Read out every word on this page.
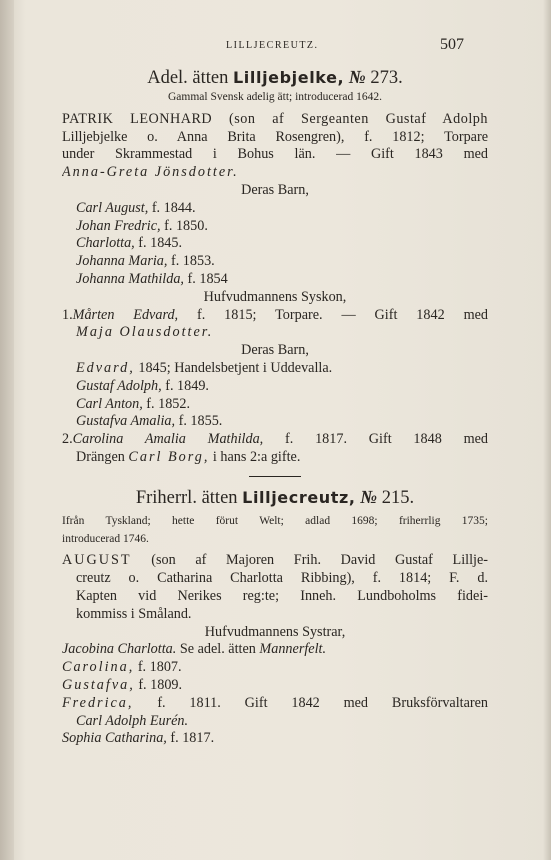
LILLJECREUTZ.	507
Adel. ätten Lilljebjelke, № 273.
Gammal Svensk adelig ätt; introducerad 1642.
PATRIK LEONHARD (son af Sergeanten Gustaf Adolph
Lilljebjelke o. Anna Brita Rosengren), f. 1812; Torpare
under Skrammestad i Bohus län. — Gift 1843 med
Anna-Greta Jönsdotter.
Deras Barn,
Carl August, f. 1844.
Johan Fredric, f. 1850.
Charlotta, f. 1845.
Johanna Maria, f. 1853.
Johanna Mathilda, f. 1854
Hufvudmannens Syskon,
1.Mårten Edvard, f. 1815; Torpare. — Gift 1842 med
Maja Olausdotter.
Deras Barn,
Edvard, 1845; Handelsbetjent i Uddevalla.
Gustaf Adolph, f. 1849.
Carl Anton, f. 1852.
Gustafva Amalia, f. 1855.
2.Carolina Amalia Mathilda, f. 1817. Gift 1848 med
Drängen Carl Borg, i hans 2:a gifte.
Friherrl. ätten Lilljecreutz, № 215.
Ifrån Tyskland; hette förut Welt; adlad 1698; friherrlig 1735;
introducerad 1746.
AUGUST (son af Majoren Frih. David Gustaf Lillje-
creutz o. Catharina Charlotta Ribbing), f. 1814; F. d.
Kapten vid Nerikes reg:te; Inneh. Lundboholms fidei-
kommiss i Småland.
Hufvudmannens Systrar,
Jacobina Charlotta. Se adel. ätten Mannerfelt.
Carolina, f. 1807.
Gustafva, f. 1809.
Fredrica, f. 1811. Gift 1842 med Bruksförvaltaren
Carl Adolph Eurén.
Sophia Catharina, f. 1817.
